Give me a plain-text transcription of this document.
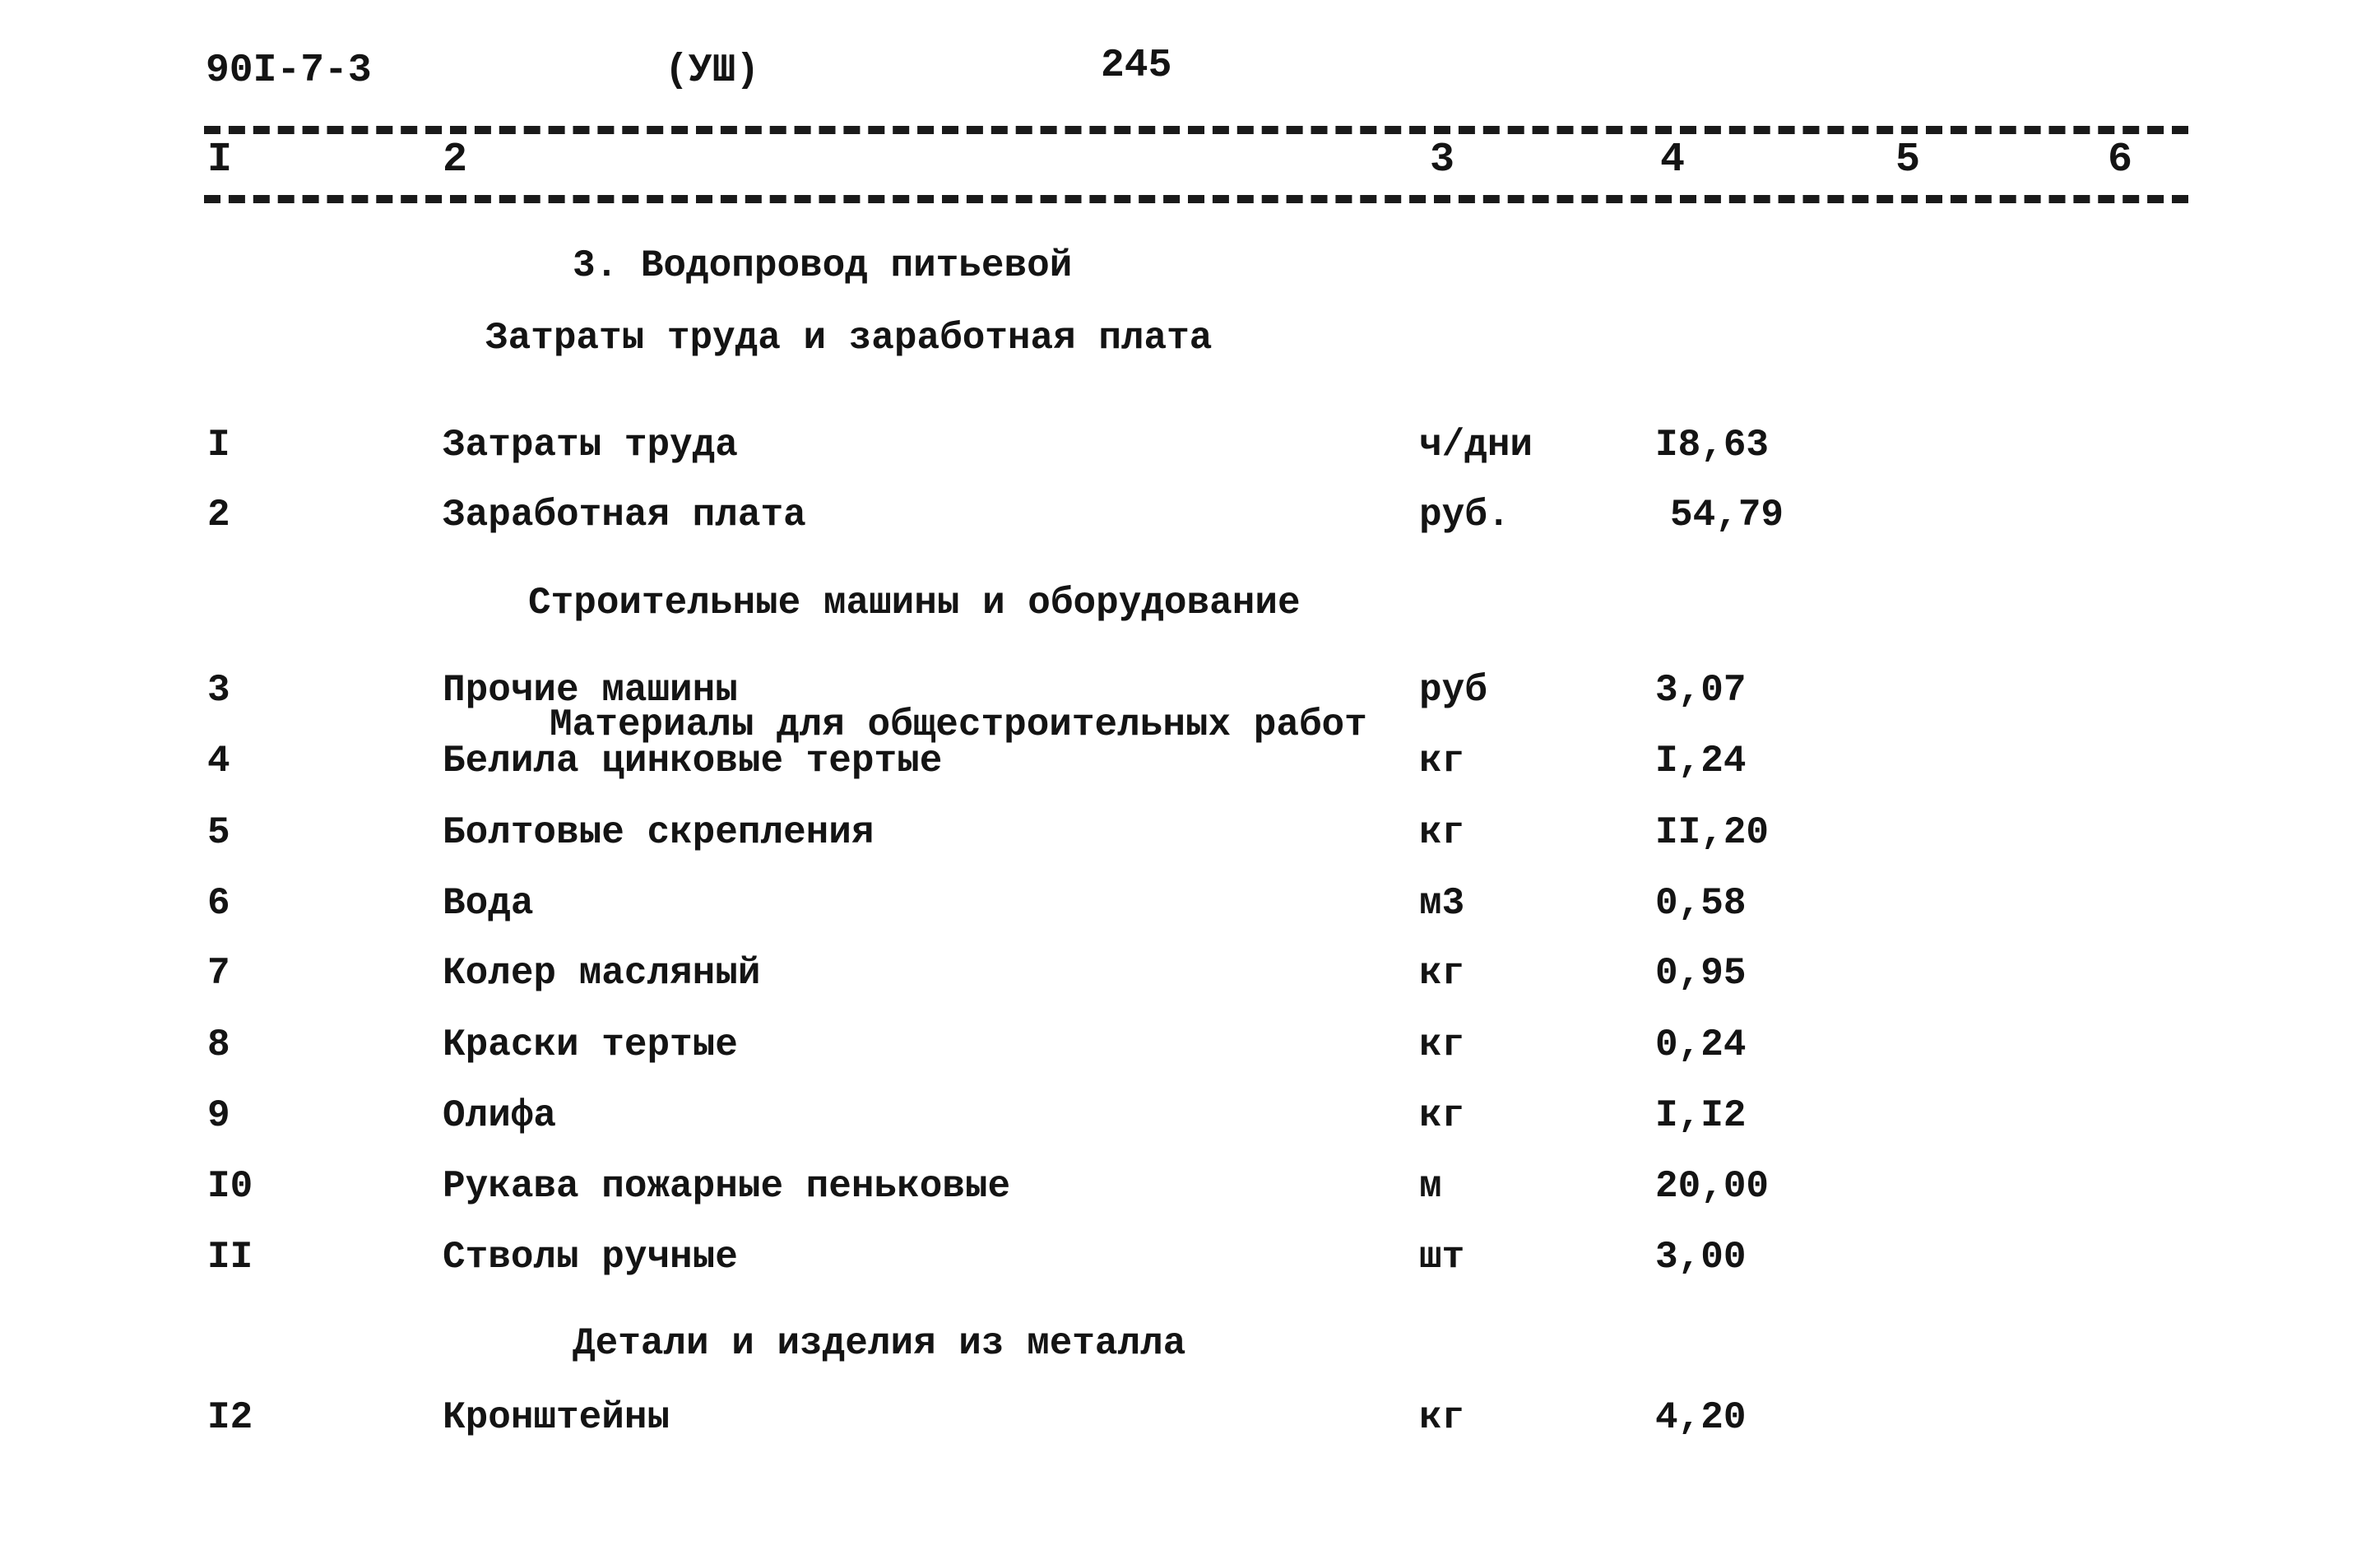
90I-7-3	(УШ)	245
I	2	3	4	5	6
3. Водопровод питьевой
Затраты труда и заработная плата
I	Затраты труда	ч/дни	I8,63
2	Заработная плата	руб.	54,79
Строительные машины и оборудование
3	Прочие машины	руб	3,07
Материалы для общестроительных работ
4	Белила цинковые тертые	кг	I,24
5	Болтовые скрепления	кг	II,20
6	Вода	м3	0,58
7	Колер масляный	кг	0,95
8	Краски тертые	кг	0,24
9	Олифа	кг	I,I2
I0	Рукава пожарные пеньковые	м	20,00
II	Стволы ручные	шт	3,00
Детали и изделия из металла
I2	Кронштейны	кг	4,20
